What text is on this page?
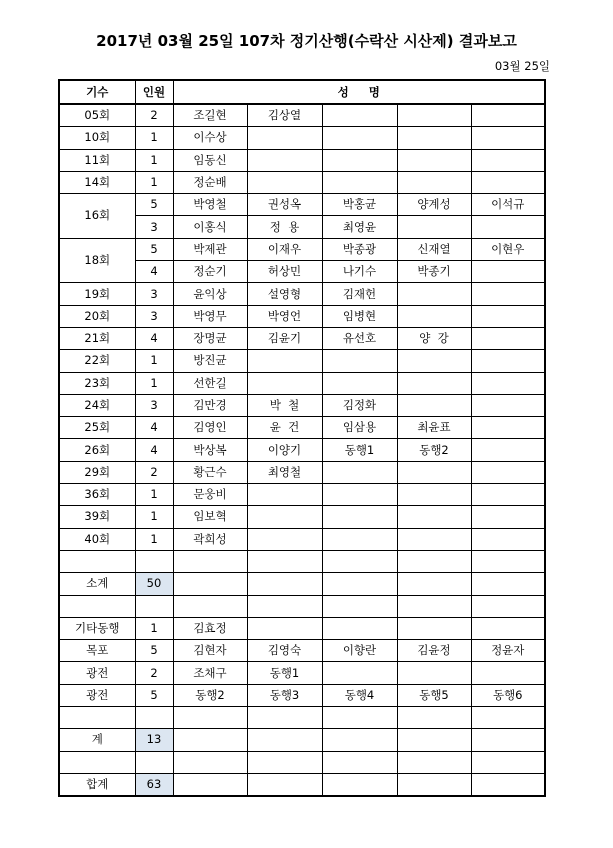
2017년 03월 25일 107차 정기산행(수락산 시산제) 결과보고
03월 25일
기수	인원	성     명				
05회	2	조길현	김상열			
10회	1	이수상				
11회	1	임동신				
14회	1	정순배				
16회	5	박영철	권성옥	박홍균	양계성	이석규
	3	이홍식	정  용	최영윤		
18회	5	박제관	이재우	박종광	신재열	이현우
	4	정순기	허상민	나기수	박종기	
19회	3	윤익상	설영형	김재헌		
20회	3	박영무	박영언	임병현		
21회	4	장명균	김윤기	유선호	양  강	
22회	1	방진균				
23회	1	선한길				
24회	3	김만경	박  철	김정화		
25회	4	김영인	윤  건	임삼용	최윤표	
26회	4	박상복	이양기	동행1	동행2	
29회	2	황근수	최영철			
36회	1	문웅비				
39회	1	임보혁				
40회	1	곽희성				

소계	50					

기타동행	1	김효정				
목포	5	김현자	김영숙	이향란	김윤정	정윤자
광전	2	조채구	동행1			
광전	5	동행2	동행3	동행4	동행5	동행6

계	13					

합계	63					
